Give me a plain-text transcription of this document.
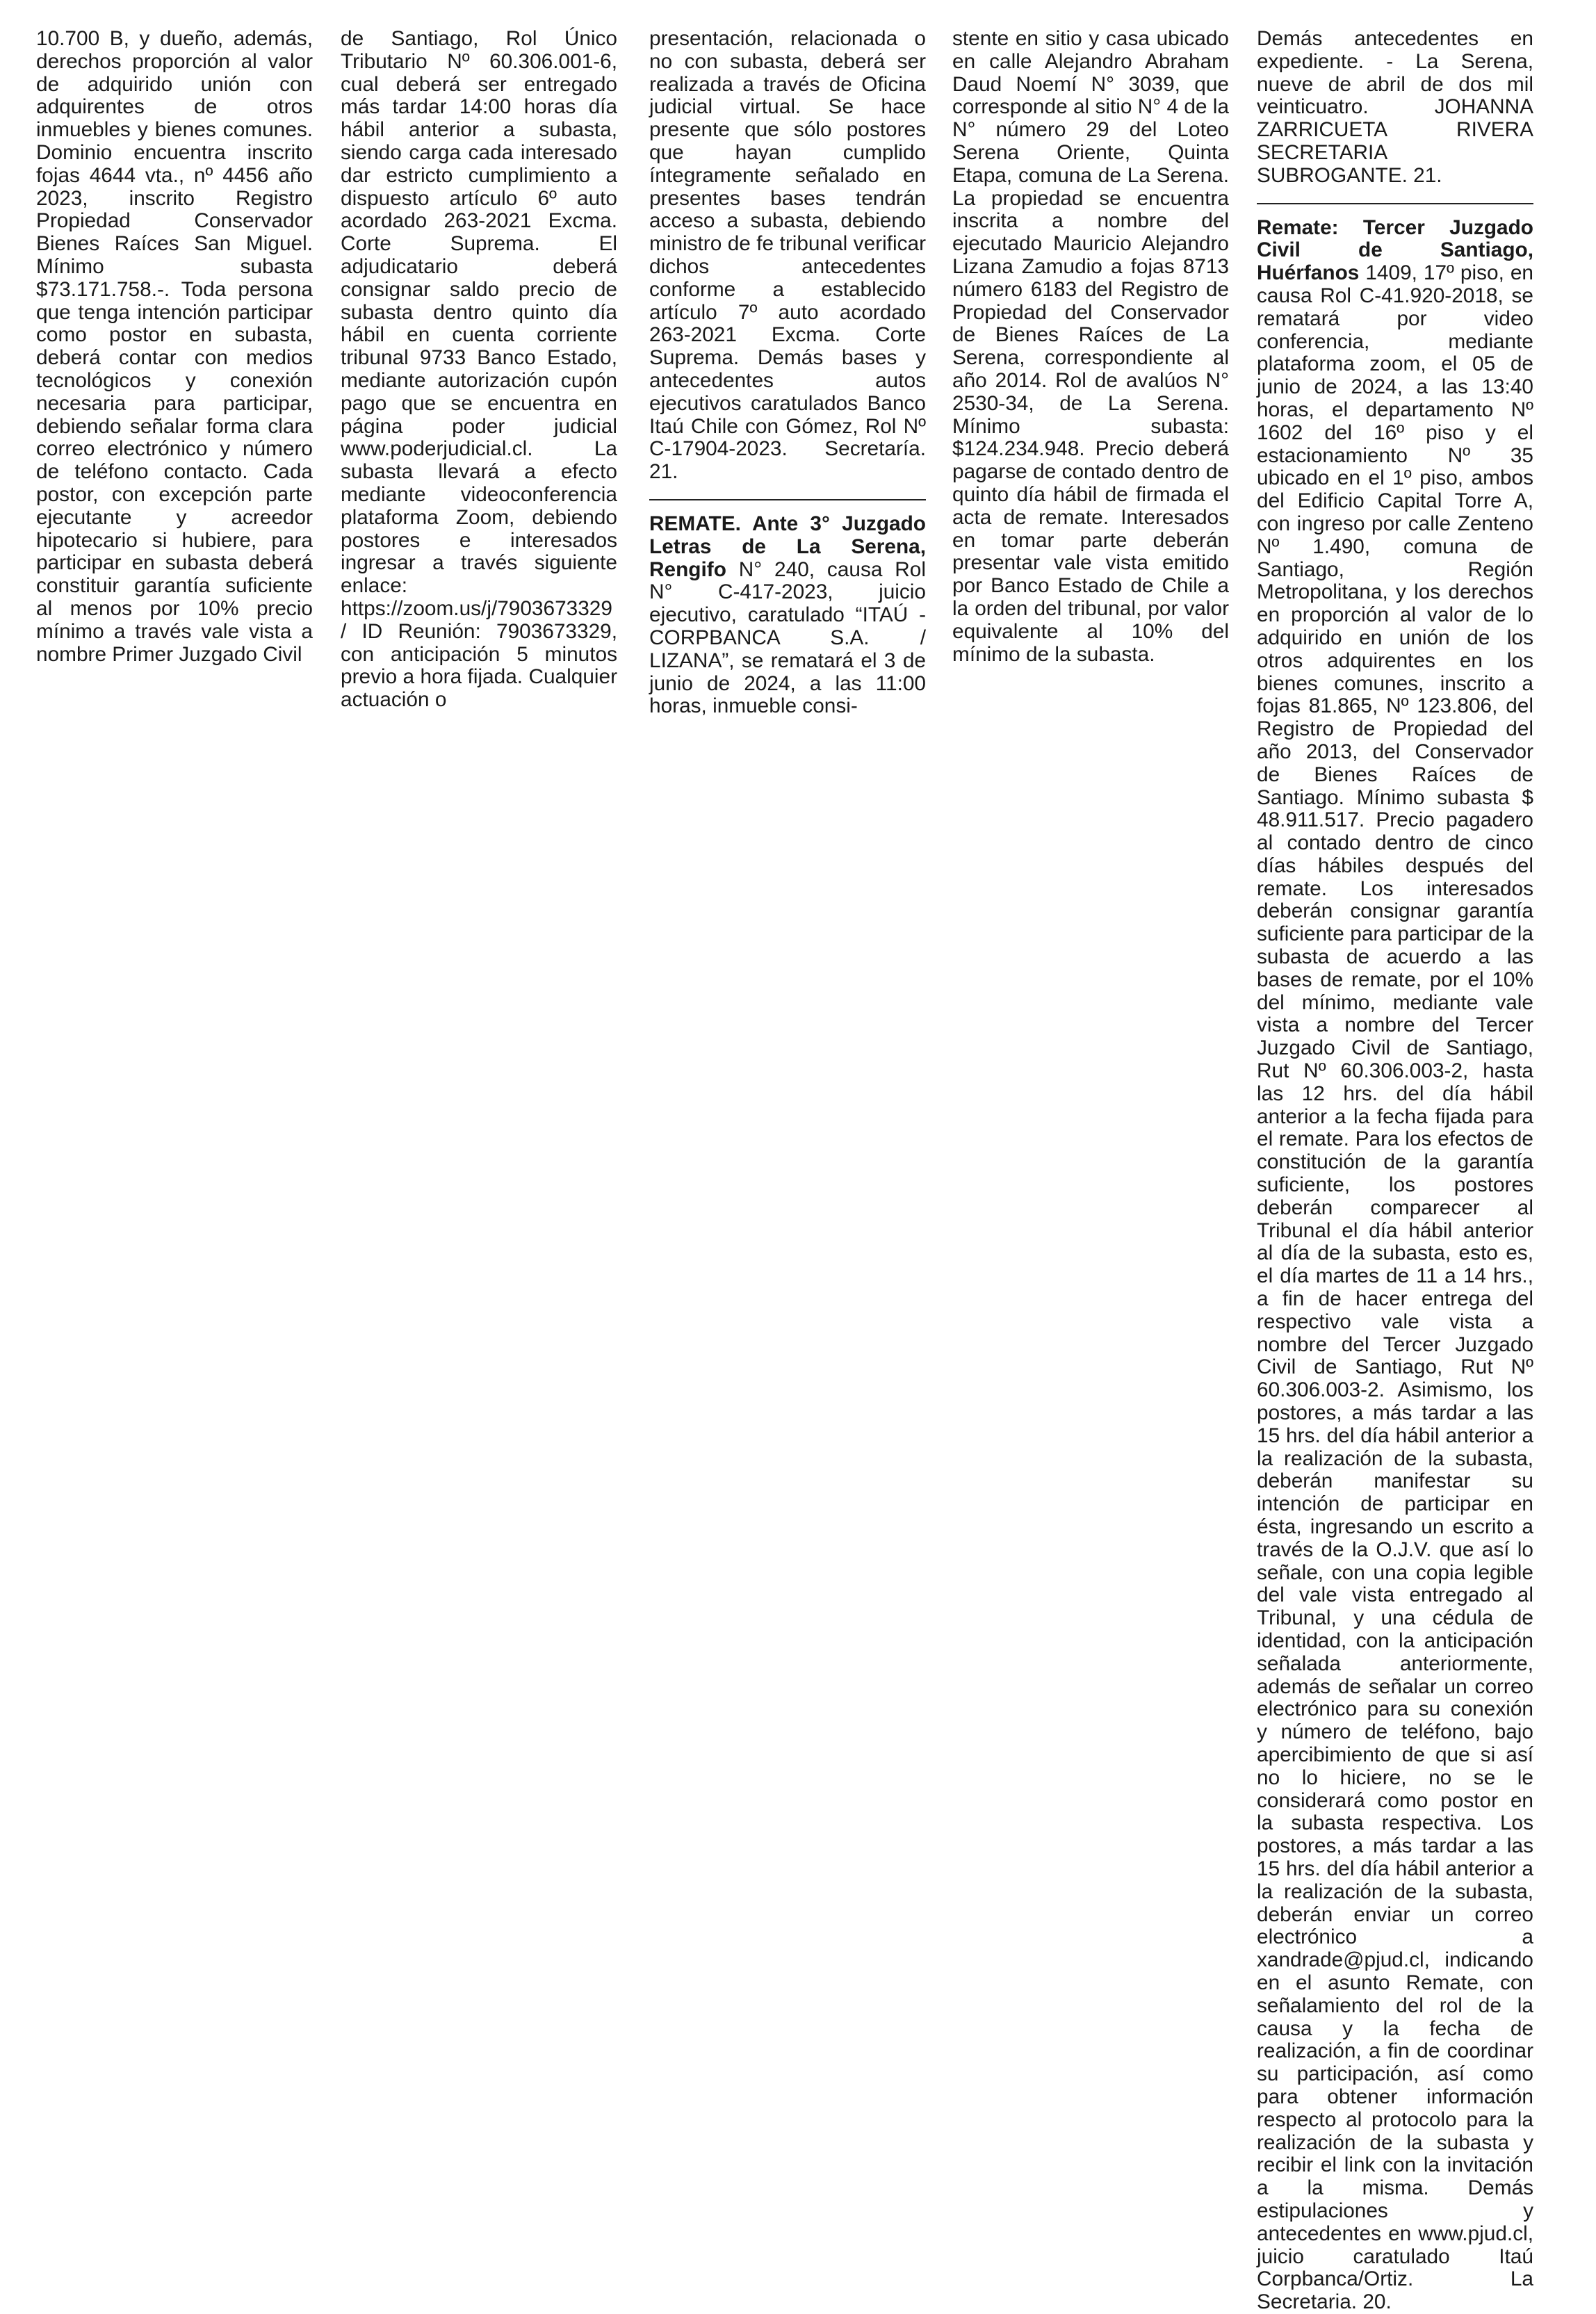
10.700 B, y dueño, además, derechos proporción al valor de adquirido unión con adquirentes de otros inmuebles y bienes comunes. Dominio encuentra inscrito fojas 4644 vta., nº 4456 año 2023, inscrito Registro Propiedad Conservador Bienes Raíces San Miguel. Mínimo subasta $73.171.758.-. Toda persona que tenga intención participar como postor en subasta, deberá contar con medios tecnológicos y conexión necesaria para participar, debiendo señalar forma clara correo electrónico y número de teléfono contacto. Cada postor, con excepción parte ejecutante y acreedor hipotecario si hubiere, para participar en subasta deberá constituir garantía suficiente al menos por 10% precio mínimo a través vale vista a nombre Primer Juzgado Civil

de Santiago, Rol Único Tributario Nº 60.306.001-6, cual deberá ser entregado más tardar 14:00 horas día hábil anterior a subasta, siendo carga cada interesado dar estricto cumplimiento a dispuesto artículo 6º auto acordado 263-2021 Excma. Corte Suprema. El adjudicatario deberá consignar saldo precio de subasta dentro quinto día hábil en cuenta corriente tribunal 9733 Banco Estado, mediante autorización cupón pago que se encuentra en página poder judicial www.poderjudicial.cl. La subasta llevará a efecto mediante videoconferencia plataforma Zoom, debiendo postores e interesados ingresar a través siguiente enlace: https://zoom.us/j/7903673329 / ID Reunión: 7903673329, con anticipación 5 minutos previo a hora fijada. Cualquier actuación o

presentación, relacionada o no con subasta, deberá ser realizada a través de Oficina judicial virtual. Se hace presente que sólo postores que hayan cumplido íntegramente señalado en presentes bases tendrán acceso a subasta, debiendo ministro de fe tribunal verificar dichos antecedentes conforme a establecido artículo 7º auto acordado 263-2021 Excma. Corte Suprema. Demás bases y antecedentes autos ejecutivos caratulados Banco Itaú Chile con Gómez, Rol Nº C-17904-2023. Secretaría. 21.

REMATE. Ante 3° Juzgado Letras de La Serena, Rengifo N° 240, causa Rol N° C-417-2023, juicio ejecutivo, caratulado “ITAÚ - CORPBANCA S.A. / LIZANA”, se rematará el 3 de junio de 2024, a las 11:00 horas, inmueble consi-

stente en sitio y casa ubicado en calle Alejandro Abraham Daud Noemí N° 3039, que corresponde al sitio N° 4 de la N° número 29 del Loteo Serena Oriente, Quinta Etapa, comuna de La Serena. La propiedad se encuentra inscrita a nombre del ejecutado Mauricio Alejandro Lizana Zamudio a fojas 8713 número 6183 del Registro de Propiedad del Conservador de Bienes Raíces de La Serena, correspondiente al año 2014. Rol de avalúos N° 2530-34, de La Serena. Mínimo subasta: $124.234.948. Precio deberá pagarse de contado dentro de quinto día hábil de firmada el acta de remate. Interesados en tomar parte deberán presentar vale vista emitido por Banco Estado de Chile a la orden del tribunal, por valor equivalente al 10% del mínimo de la subasta.

Demás antecedentes en expediente. - La Serena, nueve de abril de dos mil veinticuatro. JOHANNA ZARRICUETA RIVERA SECRETARIA SUBROGANTE. 21.

Remate: Tercer Juzgado Civil de Santiago, Huérfanos 1409, 17º piso, en causa Rol C-41.920-2018, se rematará por video conferencia, mediante plataforma zoom, el 05 de junio de 2024, a las 13:40 horas, el departamento Nº 1602 del 16º piso y el estacionamiento Nº 35 ubicado en el 1º piso, ambos del Edificio Capital Torre A, con ingreso por calle Zenteno Nº 1.490, comuna de Santiago, Región Metropolitana, y los derechos en proporción al valor de lo adquirido en unión de los otros adquirentes en los bienes comunes, inscrito a fojas 81.865, Nº 123.806, del Registro de Propiedad del año 2013, del Conservador de Bienes Raíces de Santiago. Mínimo subasta $ 48.911.517. Precio pagadero al contado dentro de cinco días hábiles después del remate. Los interesados deberán consignar garantía suficiente para participar de la subasta de acuerdo a las bases de remate, por el 10% del mínimo, mediante vale vista a nombre del Tercer Juzgado Civil de Santiago, Rut Nº 60.306.003-2, hasta las 12 hrs. del día hábil anterior a la fecha fijada para el remate. Para los efectos de constitución de la garantía suficiente, los postores deberán comparecer al Tribunal el día hábil anterior al día de la subasta, esto es, el día martes de 11 a 14 hrs., a fin de hacer entrega del respectivo vale vista a nombre del Tercer Juzgado Civil de Santiago, Rut Nº 60.306.003-2. Asimismo, los postores, a más tardar a las 15 hrs. del día hábil anterior a la realización de la subasta, deberán manifestar su intención de participar en ésta, ingresando un escrito a través de la O.J.V. que así lo señale, con una copia legible del vale vista entregado al Tribunal, y una cédula de identidad, con la anticipación señalada anteriormente, además de señalar un correo electrónico para su conexión y número de teléfono, bajo apercibimiento de que si así no lo hiciere, no se le considerará como postor en la subasta respectiva. Los postores, a más tardar a las 15 hrs. del día hábil anterior a la realización de la subasta, deberán enviar un correo electrónico a xandrade@pjud.cl, indicando en el asunto Remate, con señalamiento del rol de la causa y la fecha de realización, a fin de coordinar su participación, así como para obtener información respecto al protocolo para la realización de la subasta y recibir el link con la invitación a la misma. Demás estipulaciones y antecedentes en www.pjud.cl, juicio caratulado Itaú Corpbanca/Ortiz. La Secretaria. 20.
